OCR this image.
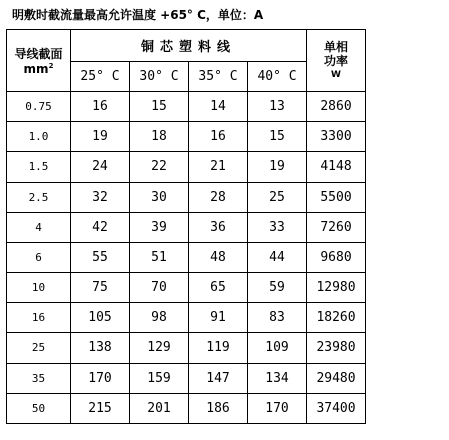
明敷时截流量最高允许温度 +65° C，单位：A
导线截面
$mm^2$	铜芯塑料线				单相
功率
W

	25° C	30° C	35° C	40° C	
0.75	16	15	14	13	2860
1.0	19	18	16	15	3300
1.5	24	22	21	19	4148
2.5	32	30	28	25	5500
4	42	39	36	33	7260
6	55	51	48	44	9680
10	75	70	65	59	12980
16	105	98	91	83	18260
25	138	129	119	109	23980
35	170	159	147	134	29480
50	215	201	186	170	37400
